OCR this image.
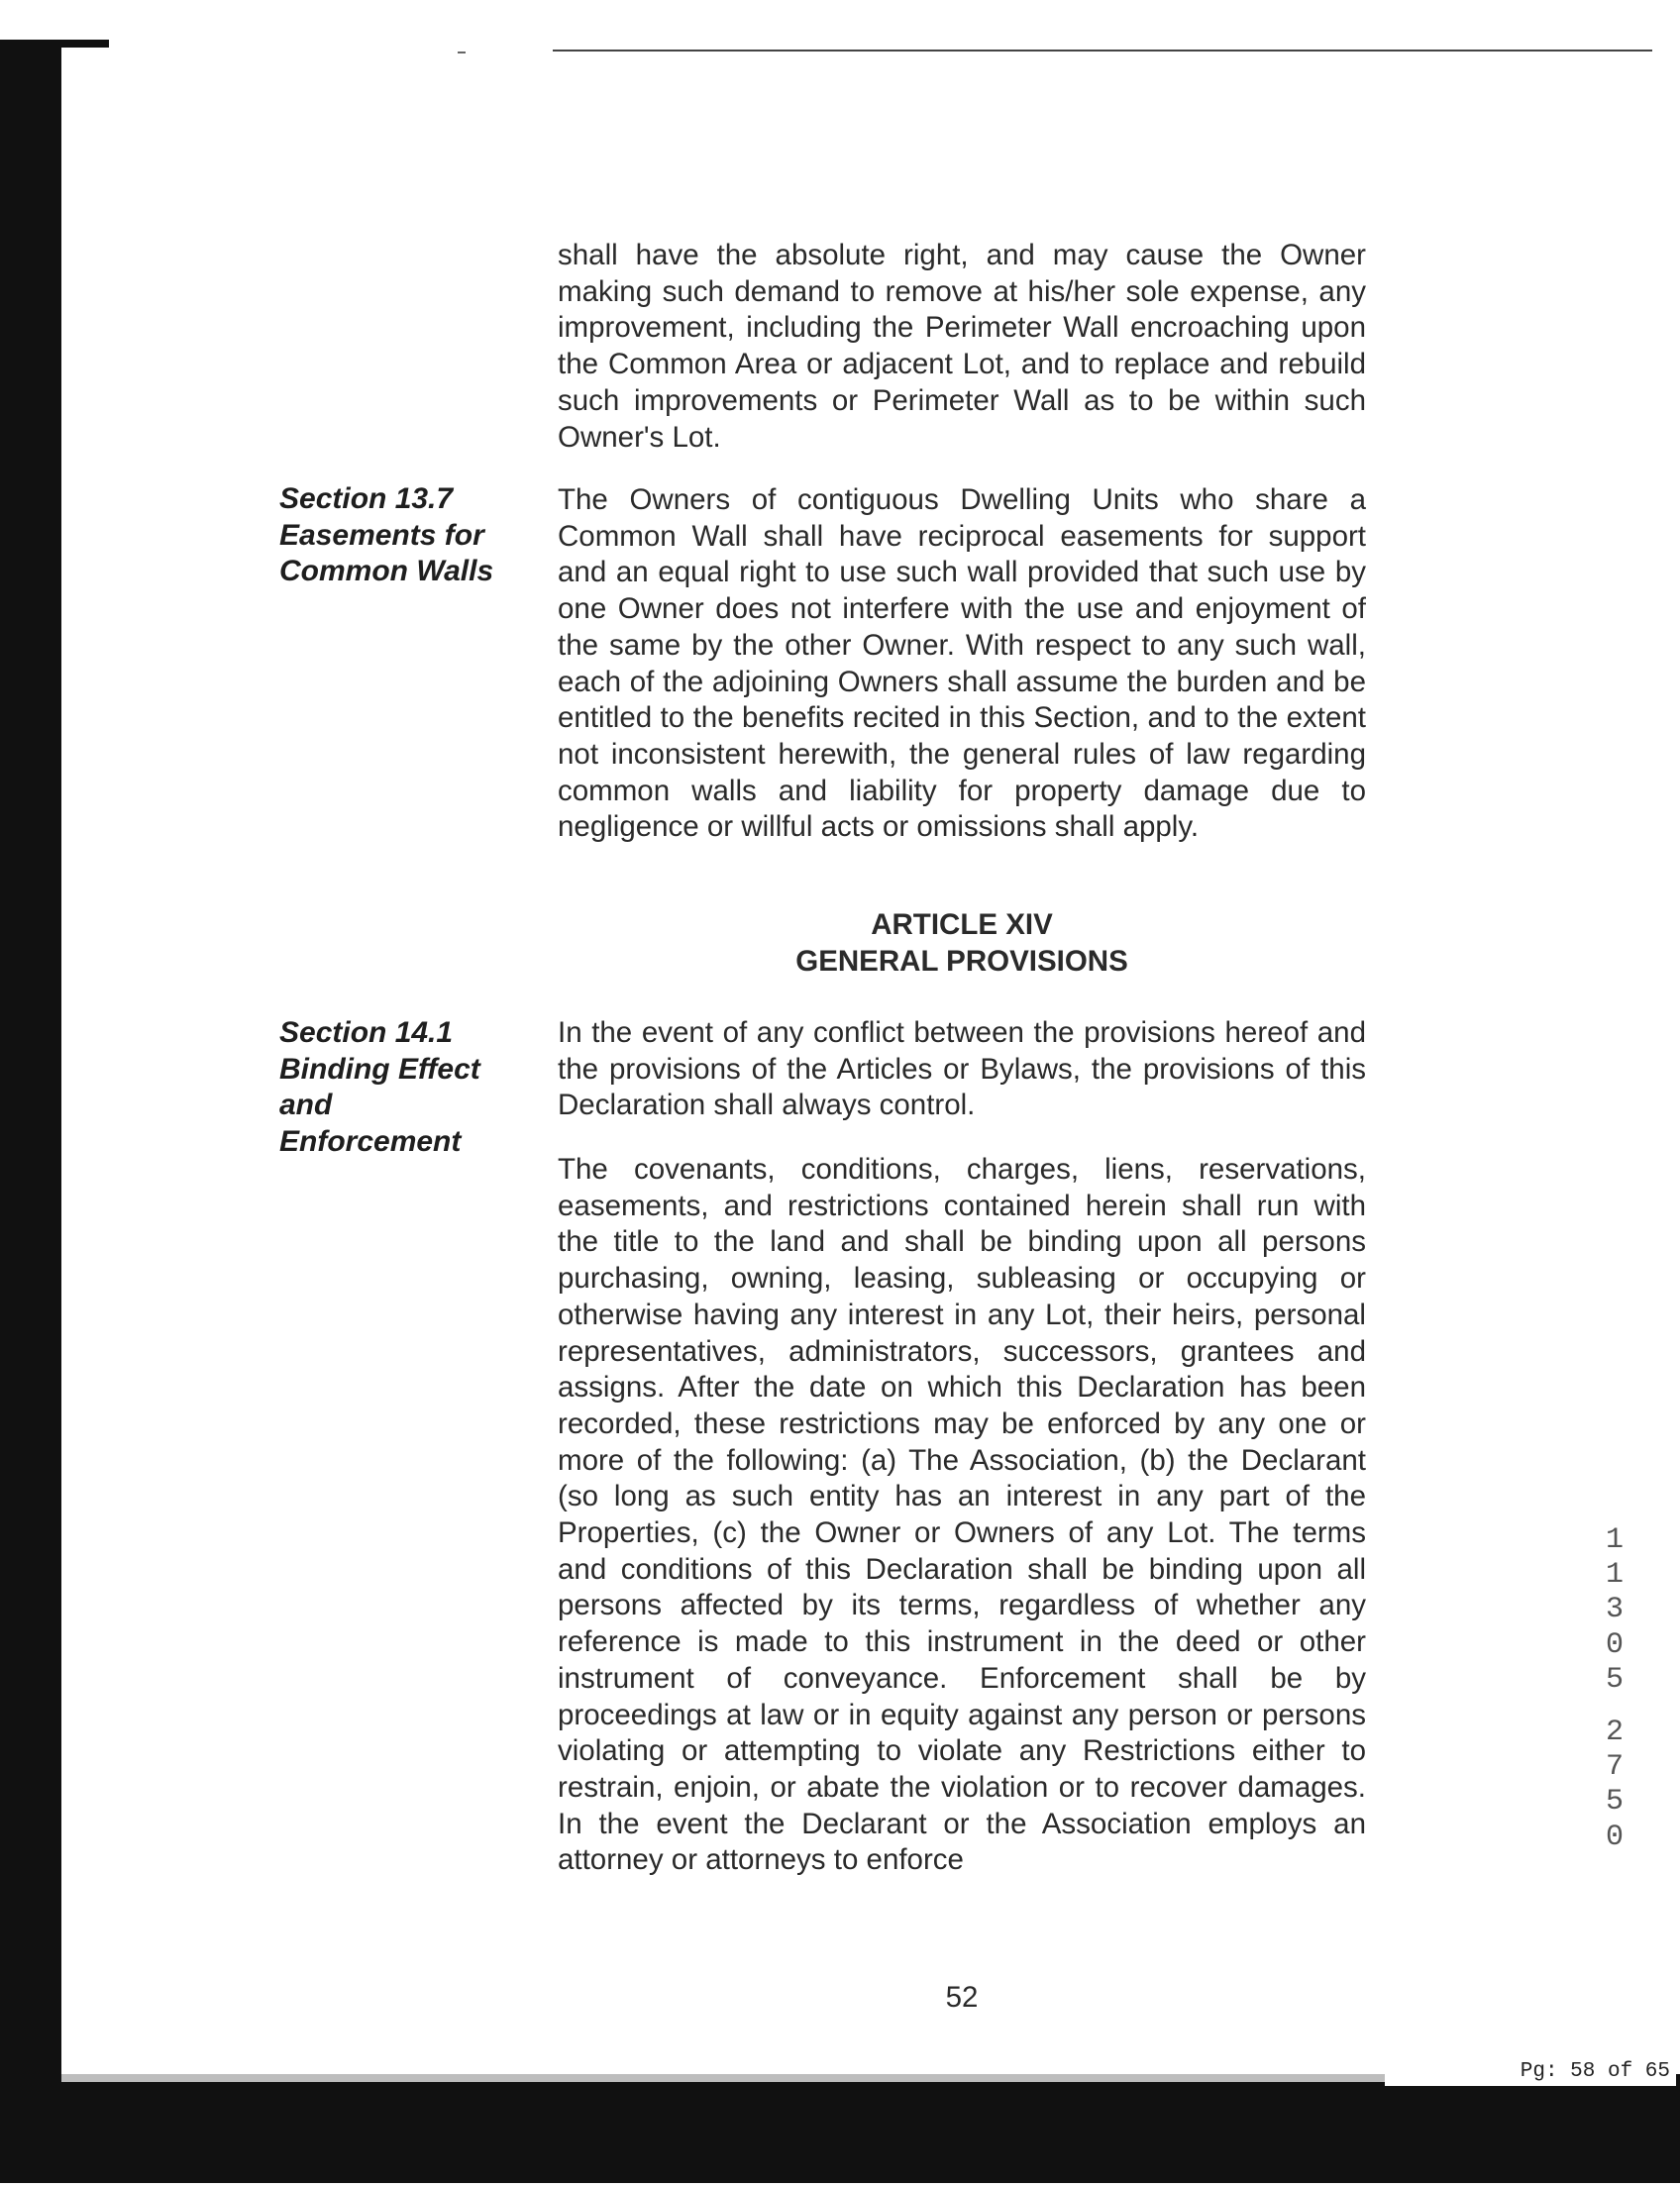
shall have the absolute right, and may cause the Owner making such demand to remove at his/her sole expense, any improvement, including the Perimeter Wall encroaching upon the Common Area or adjacent Lot, and to replace and rebuild such improvements or Perimeter Wall as to be within such Owner's Lot.
Section 13.7
Easements for
Common Walls
The Owners of contiguous Dwelling Units who share a Common Wall shall have reciprocal easements for support and an equal right to use such wall provided that such use by one Owner does not interfere with the use and enjoyment of the same by the other Owner. With respect to any such wall, each of the adjoining Owners shall assume the burden and be entitled to the benefits recited in this Section, and to the extent not inconsistent herewith, the general rules of law regarding common walls and liability for property damage due to negligence or willful acts or omissions shall apply.
ARTICLE XIV
GENERAL PROVISIONS
Section 14.1
Binding Effect
and
Enforcement
In the event of any conflict between the provisions hereof and the provisions of the Articles or Bylaws, the provisions of this Declaration shall always control.
The covenants, conditions, charges, liens, reservations, easements, and restrictions contained herein shall run with the title to the land and shall be binding upon all persons purchasing, owning, leasing, subleasing or occupying or otherwise having any interest in any Lot, their heirs, personal representatives, administrators, successors, grantees and assigns. After the date on which this Declaration has been recorded, these restrictions may be enforced by any one or more of the following: (a) The Association, (b) the Declarant (so long as such entity has an interest in any part of the Properties, (c) the Owner or Owners of any Lot. The terms and conditions of this Declaration shall be binding upon all persons affected by its terms, regardless of whether any reference is made to this instrument in the deed or other instrument of conveyance. Enforcement shall be by proceedings at law or in equity against any person or persons violating or attempting to violate any Restrictions either to restrain, enjoin, or abate the violation or to recover damages. In the event the Declarant or the Association employs an attorney or attorneys to enforce
1
1
3
0
5
2
7
5
0
52
Pg: 58 of 65
